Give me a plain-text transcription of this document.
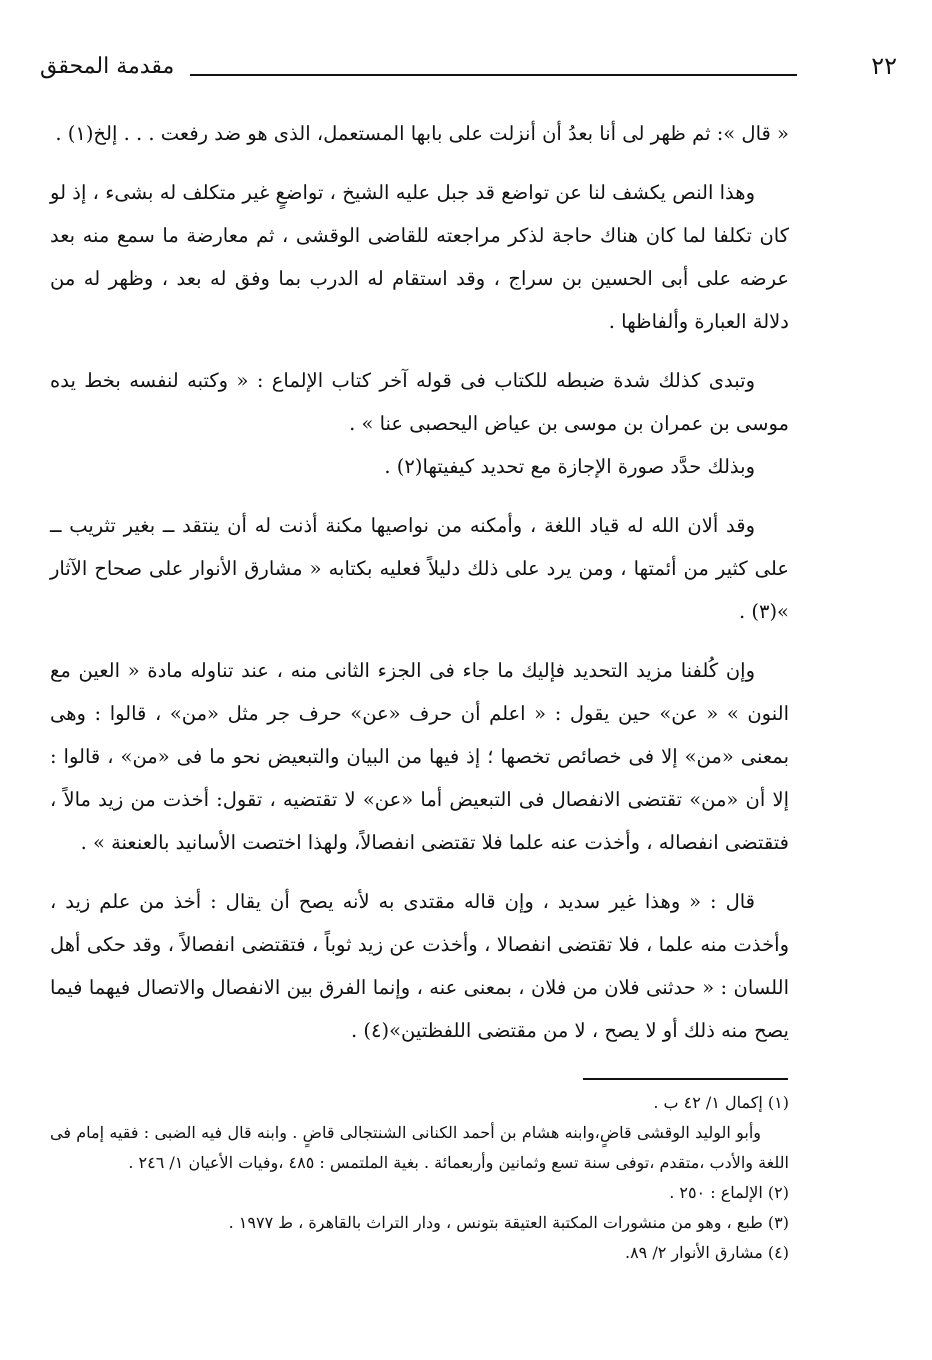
٢٢
مقدمة المحقق

« قال »: ثم ظهر لى أنا بعدُ أن أنزلت على بابها المستعمل، الذى هو ضد رفعت . . . إلخ(١) .

وهذا النص يكشف لنا عن تواضع قد جبل عليه الشيخ ، تواضعٍ غير متكلف له بشىء ، إذ لو كان تكلفا لما كان هناك حاجة لذكر مراجعته للقاضى الوقشى ، ثم معارضة ما سمع منه بعد عرضه على أبى الحسين بن سراج ، وقد استقام له الدرب بما وفق له بعد ، وظهر له من دلالة العبارة وألفاظها .

وتبدى كذلك شدة ضبطه للكتاب فى قوله آخر كتاب الإلماع : « وكتبه لنفسه بخط يده موسى بن عمران بن موسى بن عياض اليحصبى عنا » .

وبذلك حدَّد صورة الإجازة مع تحديد كيفيتها(٢) .

وقد ألان الله له قياد اللغة ، وأمكنه من نواصيها مكنة أذنت له أن ينتقد ــ بغير تثريب ــ على كثير من أئمتها ، ومن يرد على ذلك دليلاً فعليه بكتابه « مشارق الأنوار على صحاح الآثار »(٣) .

وإن كُلفنا مزيد التحديد فإليك ما جاء فى الجزء الثانى منه ، عند تناوله مادة « العين مع النون » « عن» حين يقول : « اعلم أن حرف «عن» حرف جر مثل «من» ، قالوا : وهى بمعنى «من» إلا فى خصائص تخصها ؛ إذ فيها من البيان والتبعيض نحو ما فى «من» ، قالوا : إلا أن «من» تقتضى الانفصال فى التبعيض أما «عن» لا تقتضيه ، تقول: أخذت من زيد مالاً ، فتقتضى انفصاله ، وأخذت عنه علما فلا تقتضى انفصالاً، ولهذا اختصت الأسانيد بالعنعنة » .

قال : « وهذا غير سديد ، وإن قاله مقتدى به لأنه يصح أن يقال : أخذ من علم زيد ، وأخذت منه علما ، فلا تقتضى انفصالا ، وأخذت عن زيد ثوباً ، فتقتضى انفصالاً ، وقد حكى أهل اللسان : « حدثنى فلان من فلان ، بمعنى عنه ، وإنما الفرق بين الانفصال والاتصال فيهما فيما يصح منه ذلك أو لا يصح ، لا من مقتضى اللفظتين»(٤) .

(١) إكمال ١/ ٤٢ ب .

وأبو الوليد الوقشى قاضٍ،وابنه هشام بن أحمد الكنانى الشنتجالى قاضٍ . وابنه قال فيه الضبى : فقيه إمام فى اللغة والأدب ،متقدم ،توفى سنة تسع وثمانين وأربعمائة . بغية الملتمس : ٤٨٥ ،وفيات الأعيان ١/ ٢٤٦ .

(٢) الإلماع : ٢٥٠ .

(٣) طبع ، وهو من منشورات المكتبة العتيقة بتونس ، ودار التراث بالقاهرة ، ط ١٩٧٧ .

(٤) مشارق الأنوار ٢/ ٨٩.
